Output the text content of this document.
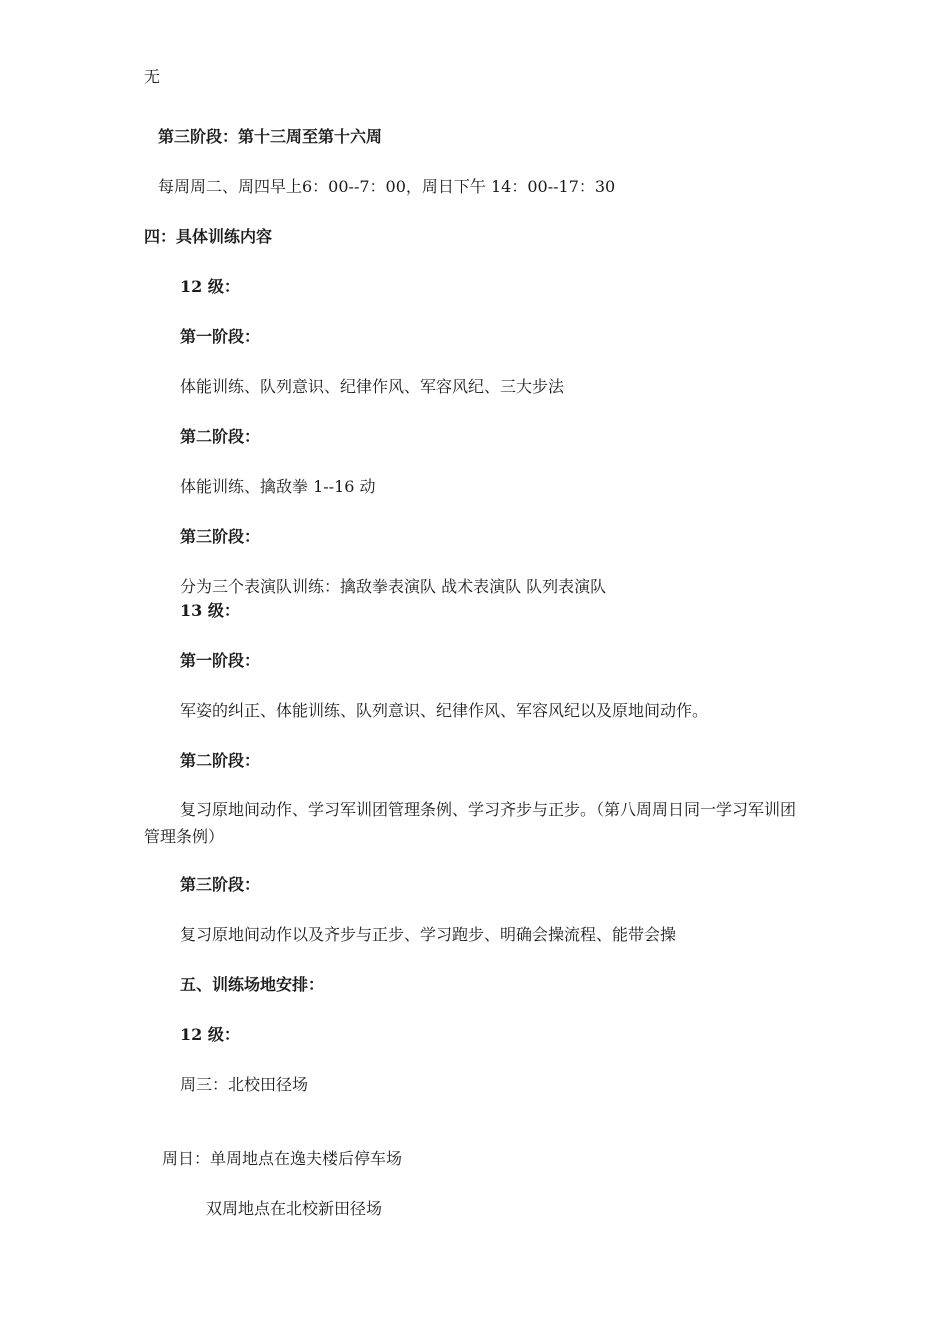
无

第三阶段：第十三周至第十六周

每周周二、周四早上6：00--7：00，周日下午 14：00--17：30

四：具体训练内容

12 级：

第一阶段：

体能训练、队列意识、纪律作风、军容风纪、三大步法

第二阶段：

体能训练、擒敌拳 1--16 动

第三阶段：

分为三个表演队训练：擒敌拳表演队 战术表演队 队列表演队

13 级：

第一阶段：

军姿的纠正、体能训练、队列意识、纪律作风、军容风纪以及原地间动作。

第二阶段：

复习原地间动作、学习军训团管理条例、学习齐步与正步。（第八周周日同一学习军训团管理条例）

第三阶段：

复习原地间动作以及齐步与正步、学习跑步、明确会操流程、能带会操

五、训练场地安排：

12 级：

周三：北校田径场

周日：单周地点在逸夫楼后停车场

双周地点在北校新田径场
